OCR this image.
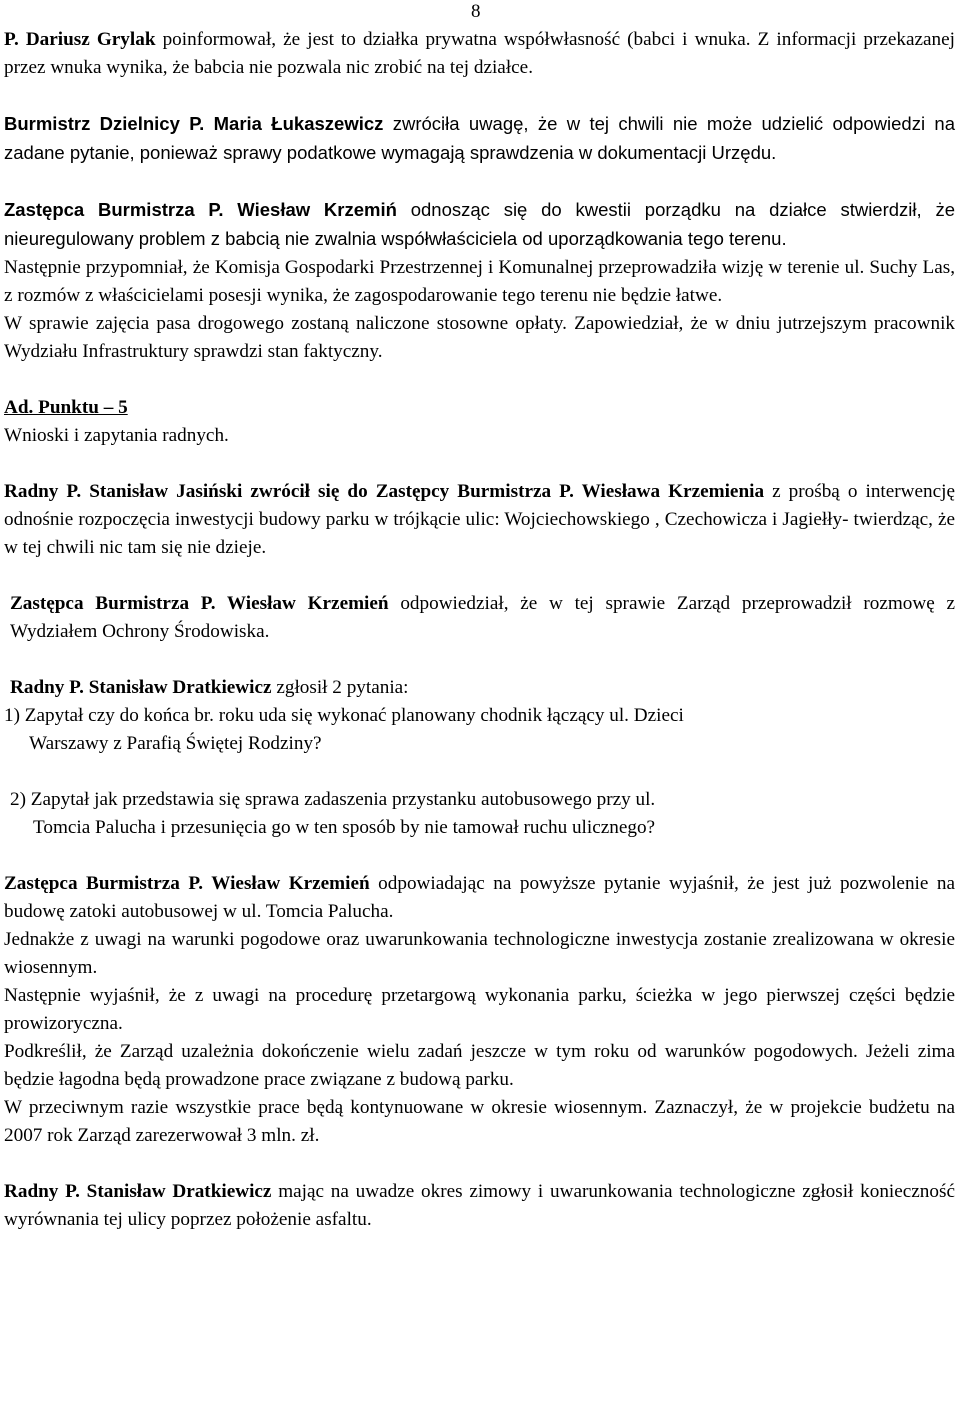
8

P. Dariusz Grylak poinformował, że jest to działka prywatna współwłasność (babci i wnuka. Z informacji przekazanej przez wnuka wynika, że babcia nie pozwala nic zrobić na tej działce.

Burmistrz Dzielnicy P. Maria Łukaszewicz zwróciła uwagę, że w tej chwili nie może udzielić odpowiedzi na zadane pytanie, ponieważ sprawy podatkowe wymagają sprawdzenia w dokumentacji Urzędu.

Zastępca Burmistrza P. Wiesław Krzemiń odnosząc się do kwestii porządku na działce stwierdził, że nieuregulowany problem z babcią nie zwalnia współwłaściciela od uporządkowania tego terenu.

Następnie przypomniał, że Komisja Gospodarki Przestrzennej i Komunalnej przeprowadziła wizję w terenie ul. Suchy Las, z rozmów z właścicielami posesji wynika, że zagospodarowanie tego terenu nie będzie łatwe.

W sprawie zajęcia pasa drogowego zostaną naliczone stosowne opłaty. Zapowiedział, że w dniu jutrzejszym pracownik Wydziału Infrastruktury sprawdzi stan faktyczny.

Ad. Punktu – 5

Wnioski i zapytania radnych.

Radny P. Stanisław Jasiński zwrócił się do Zastępcy Burmistrza P. Wiesława Krzemienia z prośbą o interwencję odnośnie rozpoczęcia inwestycji budowy parku w trójkącie ulic: Wojciechowskiego , Czechowicza i Jagiełły- twierdząc, że w tej chwili nic tam się nie dzieje.

Zastępca Burmistrza P. Wiesław Krzemień odpowiedział, że w tej sprawie Zarząd przeprowadził rozmowę z Wydziałem Ochrony Środowiska.

Radny P. Stanisław Dratkiewicz zgłosił 2 pytania:

1) Zapytał czy do końca br. roku uda się wykonać planowany chodnik łączący ul. Dzieci

Warszawy z Parafią Świętej Rodziny?

2) Zapytał jak przedstawia się sprawa zadaszenia przystanku autobusowego przy ul.

Tomcia Palucha i przesunięcia go w ten sposób by nie tamował ruchu ulicznego?

Zastępca Burmistrza P. Wiesław Krzemień odpowiadając na powyższe pytanie wyjaśnił, że jest już pozwolenie na budowę zatoki autobusowej w ul. Tomcia Palucha.

Jednakże z uwagi na warunki pogodowe oraz uwarunkowania technologiczne inwestycja zostanie zrealizowana w okresie wiosennym.

Następnie wyjaśnił, że z uwagi na procedurę przetargową wykonania parku, ścieżka w jego pierwszej części będzie prowizoryczna.

Podkreślił, że Zarząd uzależnia dokończenie wielu zadań jeszcze w tym roku od warunków pogodowych. Jeżeli zima będzie łagodna będą prowadzone prace związane z budową parku.

W przeciwnym razie wszystkie prace będą kontynuowane w okresie wiosennym. Zaznaczył, że w projekcie budżetu na 2007 rok Zarząd zarezerwował 3 mln. zł.

Radny P. Stanisław Dratkiewicz mając na uwadze okres zimowy i uwarunkowania technologiczne zgłosił konieczność wyrównania tej ulicy poprzez położenie asfaltu.
